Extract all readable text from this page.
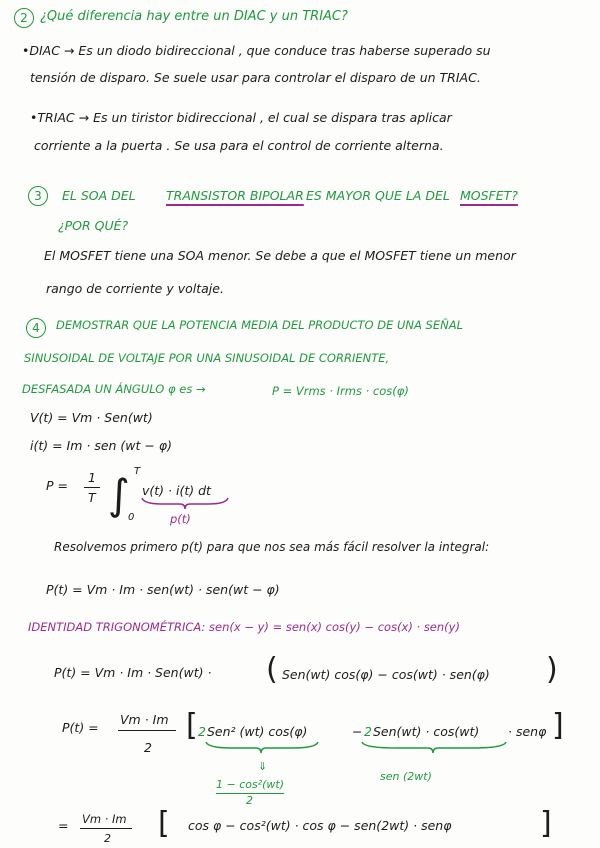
2 ¿Qué diferencia hay entre un DIAC y un TRIAC?
•DIAC → Es un diodo bidireccional , que conduce tras haberse superado su
tensión de disparo. Se suele usar para controlar el disparo de un TRIAC.
•TRIAC → Es un tiristor bidireccional , el cual se dispara tras aplicar
corriente a la puerta . Se usa para el control de corriente alterna.
3	EL SOA DEL TRANSISTOR BIPOLAR ES MAYOR QUE LA DEL MOSFET?
¿POR QUÉ?
El MOSFET tiene una SOA menor. Se debe a que el MOSFET tiene un menor
rango de corriente y voltaje.
4	DEMOSTRAR QUE LA POTENCIA MEDIA DEL PRODUCTO DE UNA SEÑAL
SINUSOIDAL DE VOLTAJE POR UNA SINUSOIDAL DE CORRIENTE,
DESFASADA UN ÁNGULO φ es →	P = Vrms · Irms · cos(φ)
V(t) = Vm · Sen(wt)
i(t) = Im · sen (wt − φ)
P =
1
T ∫ T
0
v(t) · i(t) dt
p(t)
Resolvemos primero p(t) para que nos sea más fácil resolver la integral:
P(t) = Vm · Im · sen(wt) · sen(wt − φ)
IDENTIDAD TRIGONOMÉTRICA: sen(x − y) = sen(x) cos(y) − cos(x) · sen(y)
P(t) = Vm · Im · Sen(wt) · ( Sen(wt) cos(φ) − cos(wt) · sen(φ) )
P(t) =
Vm · Im
2
[ 2 Sen² (wt) cos(φ)
⇓
1 − cos²(wt)
2
− 2 Sen(wt) · cos(wt) · senφ ]
sen (2wt)
= Vm · Im
2 [ cos φ − cos²(wt) · cos φ − sen(2wt) · senφ	]
